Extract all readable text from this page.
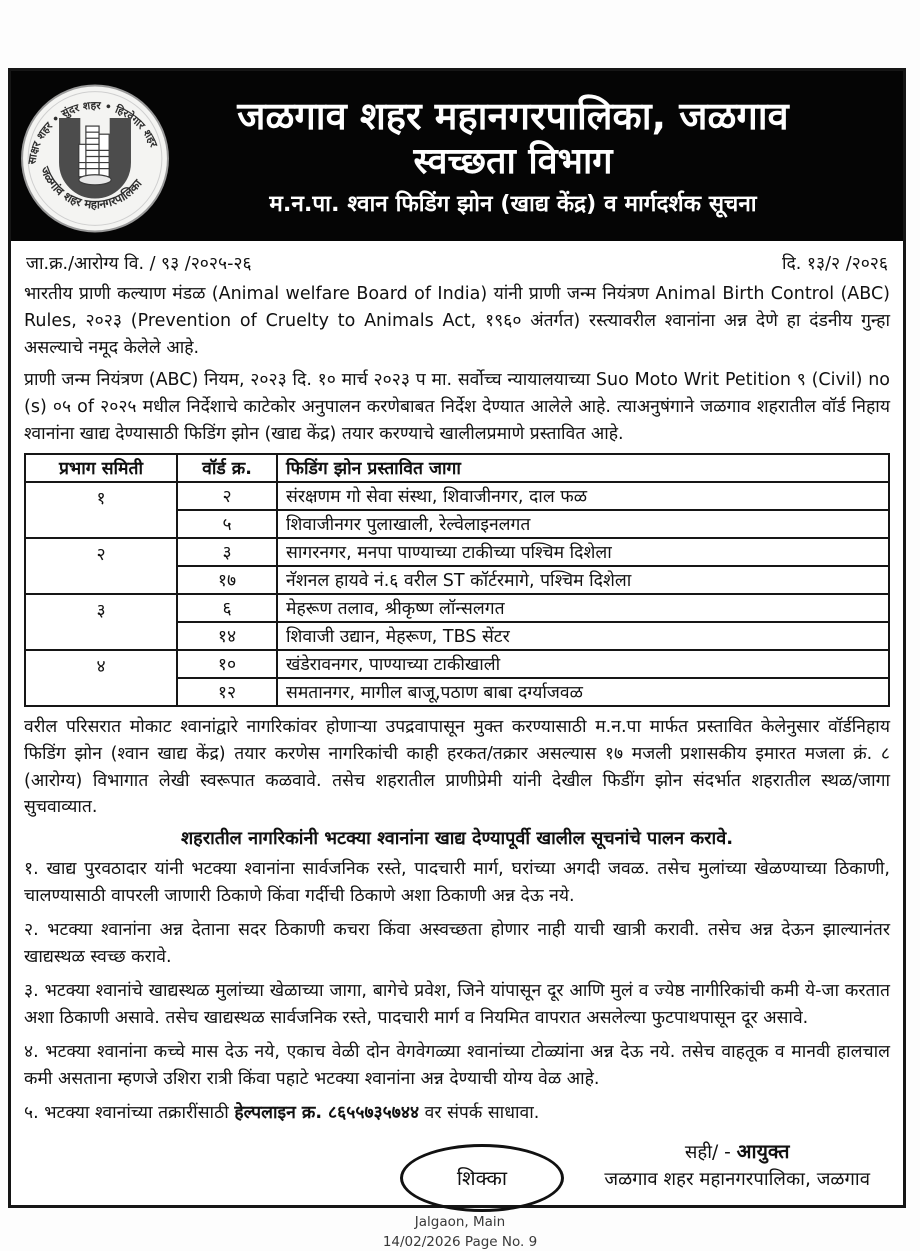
साक्षर शहर • सुंदर शहर • हिरवेगार शहर
जळगांव शहर महानगरपालिका
जळगाव शहर महानगरपालिका, जळगाव
स्वच्छता विभाग
म.न.पा. श्वान फिडिंग झोन (खाद्य केंद्र) व मार्गदर्शक सूचना
जा.क्र./आरोग्य वि. / ९३ /२०२५-२६	दि. १३/२ /२०२६

भारतीय प्राणी कल्याण मंडळ (Animal welfare Board of India) यांनी प्राणी जन्म नियंत्रण Animal Birth Control (ABC) Rules, २०२३ (Prevention of Cruelty to Animals Act, १९६० अंतर्गत) रस्त्यावरील श्वानांना अन्न देणे हा दंडनीय गुन्हा असल्याचे नमूद केलेले आहे.

प्राणी जन्म नियंत्रण (ABC) नियम, २०२३ दि. १० मार्च २०२३ प मा. सर्वोच्च न्यायालयाच्या Suo Moto Writ Petition ९ (Civil) no (s) ०५ of २०२५ मधील निर्देशाचे काटेकोर अनुपालन करणेबाबत निर्देश देण्यात आलेले आहे. त्याअनुषंगाने जळगाव शहरातील वॉर्ड निहाय श्वानांना खाद्य देण्यासाठी फिडिंग झोन (खाद्य केंद्र) तयार करण्याचे खालीलप्रमाणे प्रस्तावित आहे.

प्रभाग समिती	वॉर्ड क्र.	फिडिंग झोन प्रस्तावित जागा
१	२	संरक्षणम गो सेवा संस्था, शिवाजीनगर, दाल फळ
	५	शिवाजीनगर पुलाखाली, रेल्वेलाइनलगत
२	३	सागरनगर, मनपा पाण्याच्या टाकीच्या पश्चिम दिशेला
	१७	नॅशनल हायवे नं.६ वरील ST कॉर्टरमागे, पश्चिम दिशेला
३	६	मेहरूण तलाव, श्रीकृष्ण लॉन्सलगत
	१४	शिवाजी उद्यान, मेहरूण, TBS सेंटर
४	१०	खंडेरावनगर, पाण्याच्या टाकीखाली
	१२	समतानगर, मागील बाजू,पठाण बाबा दर्ग्याजवळ

वरील परिसरात मोकाट श्वानांद्वारे नागरिकांवर होणाऱ्या उपद्रवापासून मुक्त करण्यासाठी म.न.पा मार्फत प्रस्तावित केलेनुसार वॉर्डनिहाय फिडिंग झोन (श्वान खाद्य केंद्र) तयार करणेस नागरिकांची काही हरकत/तक्रार असल्यास १७ मजली प्रशासकीय इमारत मजला क्रं. ८ (आरोग्य) विभागात लेखी स्वरूपात कळवावे. तसेच शहरातील प्राणीप्रेमी यांनी देखील फिडींग झोन संदर्भात शहरातील स्थळ/जागा सुचवाव्यात.

शहरातील नागरिकांनी भटक्या श्वानांना खाद्य देण्यापूर्वी खालील सूचनांचे पालन करावे.

१. खाद्य पुरवठादार यांनी भटक्या श्वानांना सार्वजनिक रस्ते, पादचारी मार्ग, घरांच्या अगदी जवळ. तसेच मुलांच्या खेळण्याच्या ठिकाणी, चालण्यासाठी वापरली जाणारी ठिकाणे किंवा गर्दीची ठिकाणे अशा ठिकाणी अन्न देऊ नये.

२. भटक्या श्वानांना अन्न देताना सदर ठिकाणी कचरा किंवा अस्वच्छता होणार नाही याची खात्री करावी. तसेच अन्न देऊन झाल्यानंतर खाद्यस्थळ स्वच्छ करावे.

३. भटक्या श्वानांचे खाद्यस्थळ मुलांच्या खेळाच्या जागा, बागेचे प्रवेश, जिने यांपासून दूर आणि मुलं व ज्येष्ठ नागीरिकांची कमी ये-जा करतात अशा ठिकाणी असावे. तसेच खाद्यस्थळ सार्वजनिक रस्ते, पादचारी मार्ग व नियमित वापरात असलेल्या फुटपाथपासून दूर असावे.

४. भटक्या श्वानांना कच्चे मास देऊ नये, एकाच वेळी दोन वेगवेगळ्या श्वानांच्या टोळ्यांना अन्न देऊ नये. तसेच वाहतूक व मानवी हालचाल कमी असताना म्हणजे उशिरा रात्री किंवा पहाटे भटक्या श्वानांना अन्न देण्याची योग्य वेळ आहे.

५. भटक्या श्वानांच्या तक्रारींसाठी हेल्पलाइन क्र. ८६५५७३५७४४ वर संपर्क साधावा.

शिक्का
सही/ - आयुक्त
जळगाव शहर महानगरपालिका, जळगाव
Jalgaon, Main
14/02/2026 Page No. 9
